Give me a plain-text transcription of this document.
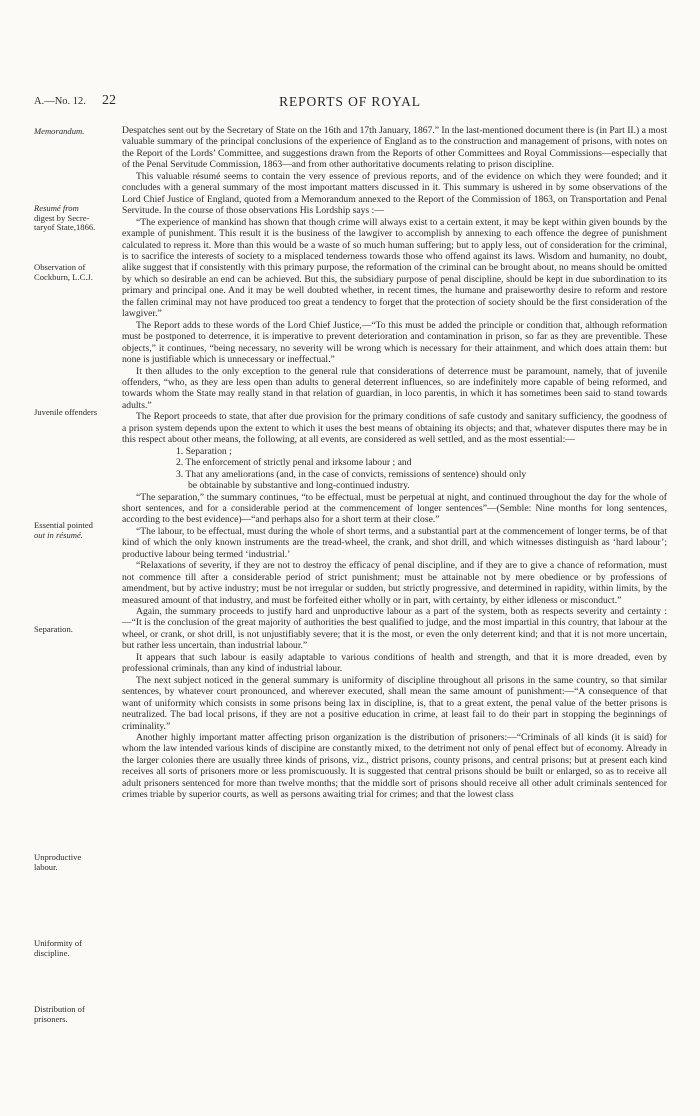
A.—No. 12. 22	REPORTS OF ROYAL
Memorandum.
Resumé from
digest by Secre-
taryof State,1866.
Observation of
Cockburn, L.C.J.
Juvenile offenders
Essential pointed
out in résumé.
Separation.
Unproductive
labour.
Uniformity of
discipline.
Distribution of
prisoners.

Despatches sent out by the Secretary of State on the 16th and 17th January, 1867.” In the last-mentioned document there is (in Part II.) a most valuable summary of the principal conclusions of the experience of England as to the construction and management of prisons, with notes on the Report of the Lords’ Committee, and suggestions drawn from the Reports of other Committees and Royal Commissions—especially that of the Penal Servitude Commission, 1863—and from other authoritative documents relating to prison discipline.

This valuable résumé seems to contain the very essence of previous reports, and of the evidence on which they were founded; and it concludes with a general summary of the most important matters discussed in it. This summary is ushered in by some observations of the Lord Chief Justice of England, quoted from a Memorandum annexed to the Report of the Commission of 1863, on Transportation and Penal Servitude. In the course of those observations His Lordship says :—

“The experience of mankind has shown that though crime will always exist to a certain extent, it may be kept within given bounds by the example of punishment. This result it is the business of the lawgiver to accomplish by annexing to each offence the degree of punishment calculated to repress it. More than this would be a waste of so much human suffering; but to apply less, out of consideration for the criminal, is to sacrifice the interests of society to a misplaced tenderness towards those who offend against its laws. Wisdom and humanity, no doubt, alike suggest that if consistently with this primary purpose, the reformation of the criminal can be brought about, no means should be omitted by which so desirable an end can be achieved. But this, the subsidiary purpose of penal discipline, should be kept in due subordination to its primary and principal one. And it may be well doubted whether, in recent times, the humane and praiseworthy desire to reform and restore the fallen criminal may not have produced too great a tendency to forget that the protection of society should be the first consideration of the lawgiver.”

The Report adds to these words of the Lord Chief Justice,—“To this must be added the principle or condition that, although reformation must be postponed to deterrence, it is imperative to prevent deterioration and contamination in prison, so far as they are preventible. These objects,” it continues, “being necessary, no severity will be wrong which is necessary for their attainment, and which does attain them: but none is justifiable which is unnecessary or ineffectual.”

It then alludes to the only exception to the general rule that considerations of deterrence must be paramount, namely, that of juvenile offenders, “who, as they are less open than adults to general deterrent influences, so are indefinitely more capable of being reformed, and towards whom the State may really stand in that relation of guardian, in loco parentis, in which it has sometimes been said to stand towards adults.”

The Report proceeds to state, that after due provision for the primary conditions of safe custody and sanitary sufficiency, the goodness of a prison system depends upon the extent to which it uses the best means of obtaining its objects; and that, whatever disputes there may be in this respect about other means, the following, at all events, are considered as well settled, and as the most essential:—

1. Separation ;
2. The enforcement of strictly penal and irksome labour ; and
3. That any ameliorations (and, in the case of convicts, remissions of sentence) should only
be obtainable by substantive and long-continued industry.

“The separation,” the summary continues, “to be effectual, must be perpetual at night, and continued throughout the day for the whole of short sentences, and for a considerable period at the commencement of longer sentences”—(Semble: Nine months for long sentences, according to the best evidence)—“and perhaps also for a short term at their close.”

“The labour, to be effectual, must during the whole of short terms, and a substantial part at the commencement of longer terms, be of that kind of which the only known instruments are the tread-wheel, the crank, and shot drill, and which witnesses distinguish as ‘hard labour’; productive labour being termed ‘industrial.’

“Relaxations of severity, if they are not to destroy the efficacy of penal discipline, and if they are to give a chance of reformation, must not commence till after a considerable period of strict punishment; must be attainable not by mere obedience or by professions of amendment, but by active industry; must be not irregular or sudden, but strictly progressive, and determined in rapidity, within limits, by the measured amount of that industry, and must be forfeited either wholly or in part, with certainty, by either idleness or misconduct.”

Again, the summary proceeds to justify hard and unproductive labour as a part of the system, both as respects severity and certainty :—“It is the conclusion of the great majority of authorities the best qualified to judge, and the most impartial in this country, that labour at the wheel, or crank, or shot drill, is not unjustifiably severe; that it is the most, or even the only deterrent kind; and that it is not more uncertain, but rather less uncertain, than industrial labour.”

It appears that such labour is easily adaptable to various conditions of health and strength, and that it is more dreaded, even by professional criminals, than any kind of industrial labour.

The next subject noticed in the general summary is uniformity of discipline throughout all prisons in the same country, so that similar sentences, by whatever court pronounced, and wherever executed, shall mean the same amount of punishment:—“A consequence of that want of uniformity which consists in some prisons being lax in discipline, is, that to a great extent, the penal value of the better prisons is neutralized. The bad local prisons, if they are not a positive education in crime, at least fail to do their part in stopping the beginnings of criminality.”

Another highly important matter affecting prison organization is the distribution of prisoners:—“Criminals of all kinds (it is said) for whom the law intended various kinds of discipine are constantly mixed, to the detriment not only of penal effect but of economy. Already in the larger colonies there are usually three kinds of prisons, viz., district prisons, county prisons, and central prisons; but at present each kind receives all sorts of prisoners more or less promiscuously. It is suggested that central prisons should be built or enlarged, so as to receive all adult prisoners sentenced for more than twelve months; that the middle sort of prisons should receive all other adult criminals sentenced for crimes triable by superior courts, as well as persons awaiting trial for crimes; and that the lowest class
